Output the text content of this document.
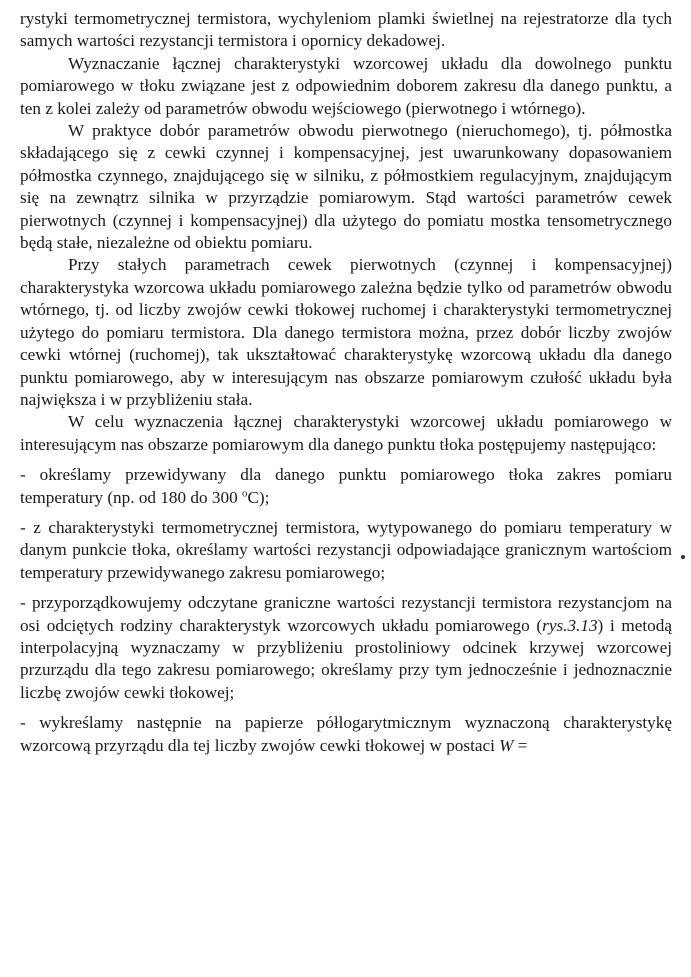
rystyki termometrycznej termistora, wychyleniom plamki świetlnej na rejestratorze dla tych samych wartości rezystancji termistora i opornicy dekadowej.

Wyznaczanie łącznej charakterystyki wzorcowej układu dla dowolnego punktu pomiarowego w tłoku związane jest z odpowiednim doborem zakresu dla danego punktu, a ten z kolei zależy od parametrów obwodu wejściowego (pierwotnego i wtórnego).

W praktyce dobór parametrów obwodu pierwotnego (nieruchomego), tj. półmostka składającego się z cewki czynnej i kompensacyjnej, jest uwarunkowany dopasowaniem półmostka czynnego, znajdującego się w silniku, z półmostkiem regulacyjnym, znajdującym się na zewnątrz silnika w przyrządzie pomiarowym. Stąd wartości parametrów cewek pierwotnych (czynnej i kompensacyjnej) dla użytego do pomiatu mostka tensometrycznego będą stałe, niezależne od obiektu pomiaru.

Przy stałych parametrach cewek pierwotnych (czynnej i kompensacyjnej) charakterystyka wzorcowa układu pomiarowego zależna będzie tylko od parametrów obwodu wtórnego, tj. od liczby zwojów cewki tłokowej ruchomej i charakterystyki termometrycznej użytego do pomiaru termistora. Dla danego termistora można, przez dobór liczby zwojów cewki wtórnej (ruchomej), tak ukształtować charakterystykę wzorcową układu dla danego punktu pomiarowego, aby w interesującym nas obszarze pomiarowym czułość układu była największa i w przybliżeniu stała.

W celu wyznaczenia łącznej charakterystyki wzorcowej układu pomiarowego w interesującym nas obszarze pomiarowym dla danego punktu tłoka postępujemy następująco:

- określamy przewidywany dla danego punktu pomiarowego tłoka zakres pomiaru temperatury (np. od 180 do 300 $^o$C);

- z charakterystyki termometrycznej termistora, wytypowanego do pomiaru temperatury w danym punkcie tłoka, określamy wartości rezystancji odpowiadające granicznym wartościom temperatury przewidywanego zakresu pomiarowego;

- przyporządkowujemy odczytane graniczne wartości rezystancji termistora rezystancjom na osi odciętych rodziny charakterystyk wzorcowych układu pomiarowego (rys.3.13) i metodą interpolacyjną wyznaczamy w przybliżeniu prostoliniowy odcinek krzywej wzorcowej przurządu dla tego zakresu pomiarowego; określamy przy tym jednocześnie i jednoznacznie liczbę zwojów cewki tłokowej;

- wykreślamy następnie na papierze półlogarytmicznym wyznaczoną charakterystykę wzorcową przyrządu dla tej liczby zwojów cewki tłokowej w postaci W =
